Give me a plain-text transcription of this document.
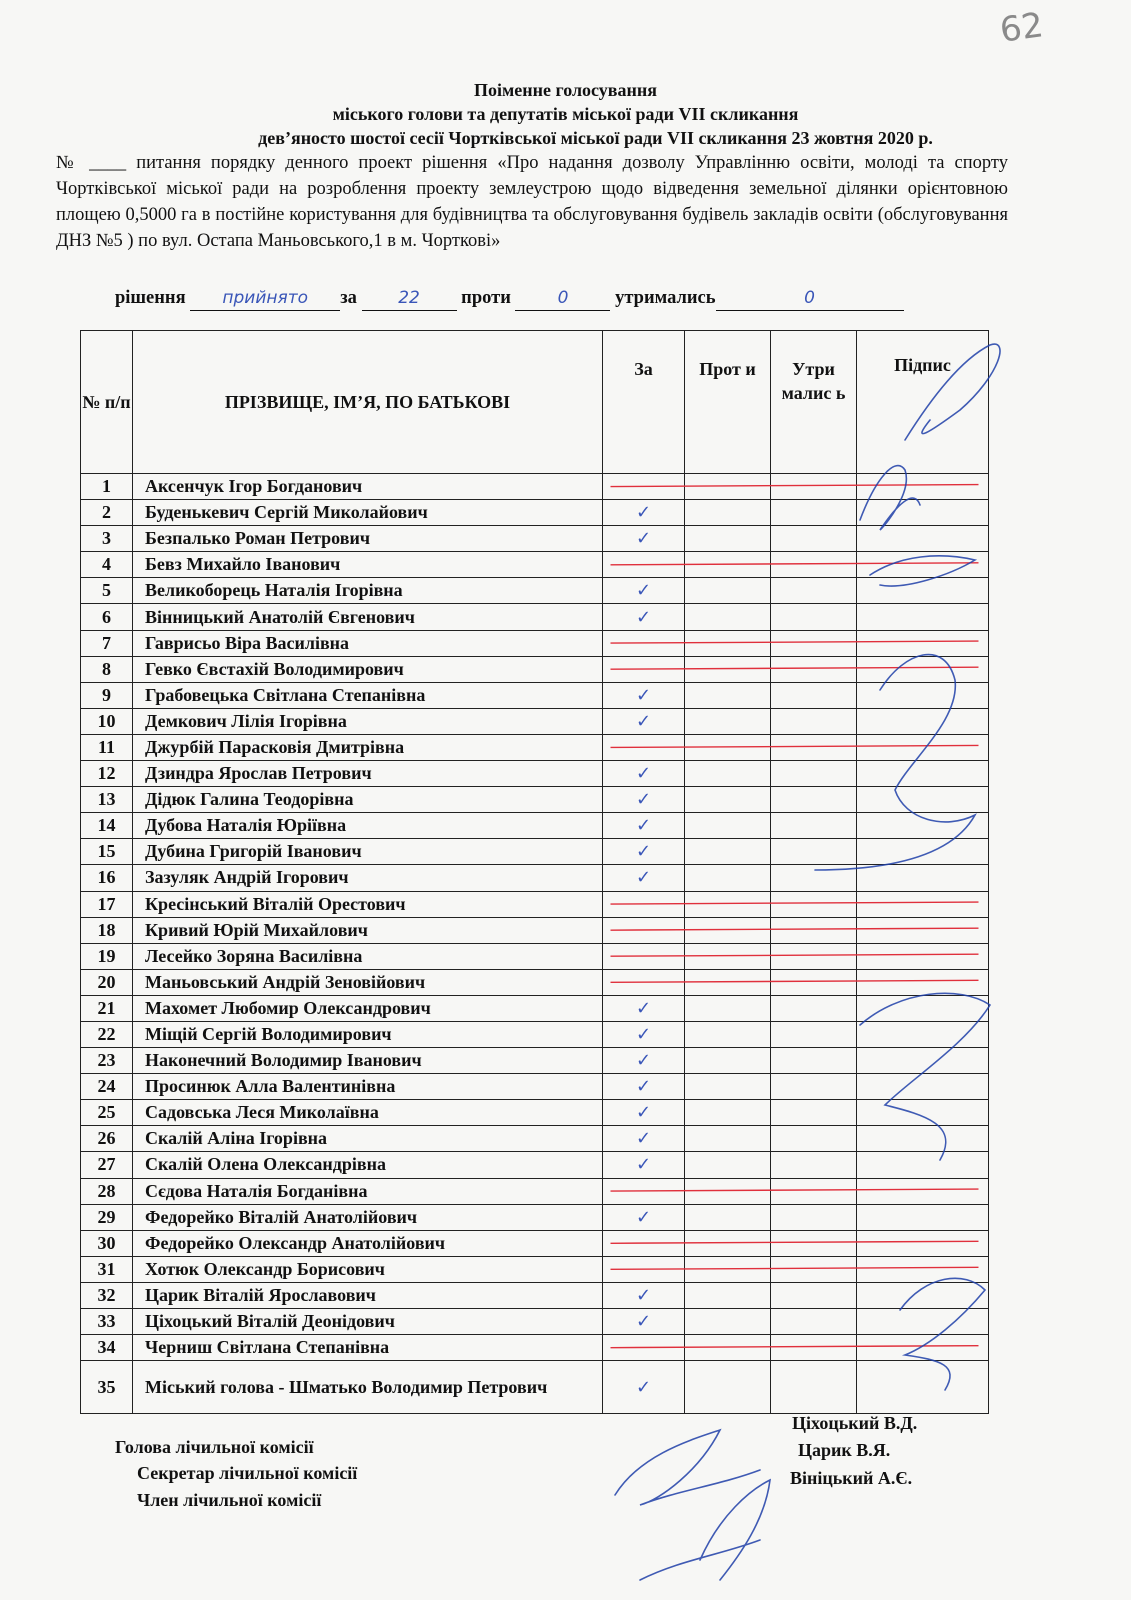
62
Поіменне голосування
міського голови та депутатів міської ради VII скликання
дев’яносто шостої сесії Чортківської міської ради VII скликання 23 жовтня 2020 р.
№ ____ питання порядку денного проект рішення «Про надання дозволу Управлінню освіти, молоді та спорту Чортківської міської ради на розроблення проекту землеустрою щодо відведення земельної ділянки орієнтовною площею 0,5000 га в постійне користування для будівництва та обслуговування будівель закладів освіти (обслуговування ДНЗ №5 ) по вул. Остапа Маньовського,1 в м. Чорткові»
рішення прийнято за 22 проти	0	утримались	0
№ п/п	ПРІЗВИЩЕ, ІМ’Я, ПО БАТЬКОВІ	За	Прот и	Утри малис ь	Підпис
1	Аксенчук Ігор Богданович				
2	Буденькевич Сергій Миколайович	✓			
3	Безпалько Роман Петрович	✓			
4	Бевз Михайло Іванович				
5	Великоборець Наталія Ігорівна	✓			
6	Вінницький Анатолій Євгенович	✓			
7	Гаврисьо Віра Василівна				
8	Гевко Євстахій Володимирович				
9	Грабовецька Світлана Степанівна	✓			
10	Демкович Лілія Ігорівна	✓			
11	Джурбій Парасковія Дмитрівна				
12	Дзиндра Ярослав Петрович	✓			
13	Дідюк Галина Теодорівна	✓			
14	Дубова Наталія Юріївна	✓			
15	Дубина Григорій Іванович	✓			
16	Зазуляк Андрій Ігорович	✓			
17	Кресінський Віталій Орестович				
18	Кривий Юрій Михайлович				
19	Лесейко Зоряна Василівна				
20	Маньовський Андрій Зеновійович				
21	Махомет Любомир Олександрович	✓			
22	Міщій Сергій Володимирович	✓			
23	Наконечний Володимир Іванович	✓			
24	Просинюк Алла Валентинівна	✓			
25	Садовська Леся Миколаївна	✓			
26	Скалій Аліна Ігорівна	✓			
27	Скалій Олена Олександрівна	✓			
28	Сєдова Наталія Богданівна				
29	Федорейко Віталій Анатолійович	✓			
30	Федорейко Олександр Анатолійович				
31	Хотюк Олександр Борисович				
32	Царик Віталій Ярославович	✓			
33	Ціхоцький Віталій Деонідович	✓			
34	Черниш Світлана Степанівна				
35	Міський голова - Шматько Володимир Петрович	✓			
Голова лічильної комісії
Секретар лічильної комісії
Член лічильної комісії
Ціхоцький В.Д.
Царик В.Я.
Вініцький А.Є.
